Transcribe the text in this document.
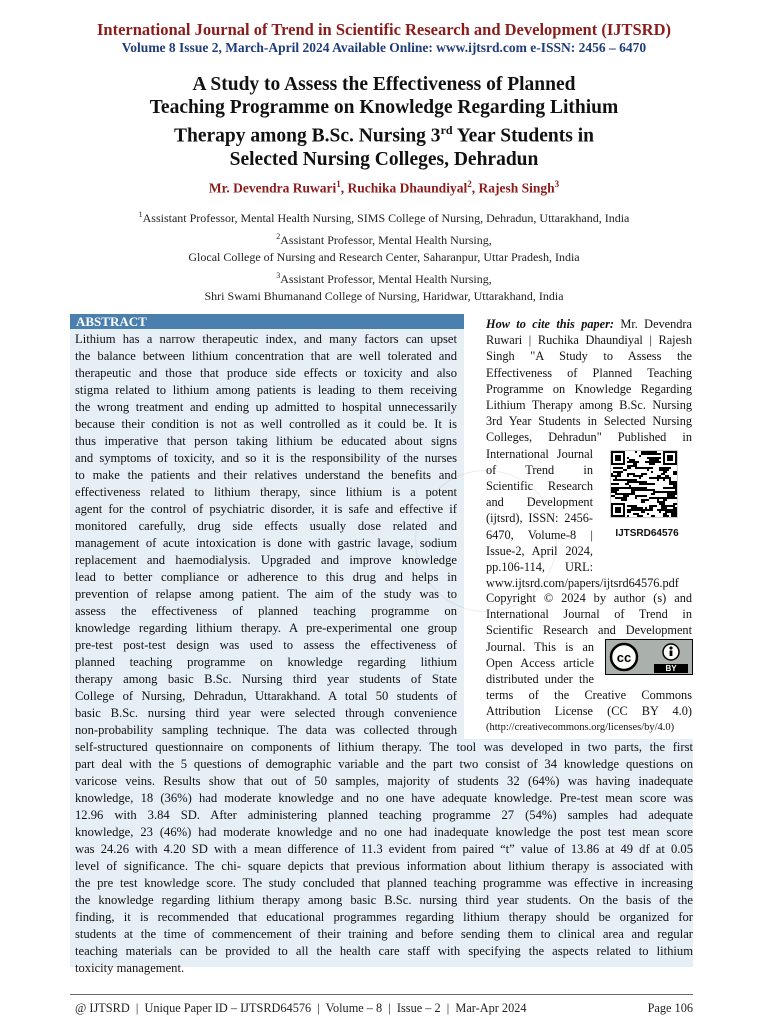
International Journal of Trend in Scientific Research and Development (IJTSRD)
Volume 8 Issue 2, March-April 2024 Available Online: www.ijtsrd.com e-ISSN: 2456 – 6470
A Study to Assess the Effectiveness of Planned
Teaching Programme on Knowledge Regarding Lithium
Therapy among B.Sc. Nursing 3rd Year Students in
Selected Nursing Colleges, Dehradun
Mr. Devendra Ruwari$^1$, Ruchika Dhaundiyal$^2$, Rajesh Singh$^3$
$^1$Assistant Professor, Mental Health Nursing, SIMS College of Nursing, Dehradun, Uttarakhand, India
$^2$Assistant Professor, Mental Health Nursing,
Glocal College of Nursing and Research Center, Saharanpur, Uttar Pradesh, India
$^3$Assistant Professor, Mental Health Nursing,
Shri Swami Bhumanand College of Nursing, Haridwar, Uttarakhand, India
ABSTRACT
Lithium has a narrow therapeutic index, and many factors can upset
the balance between lithium concentration that are well tolerated and
therapeutic and those that produce side effects or toxicity and also
stigma related to lithium among patients is leading to them receiving
the wrong treatment and ending up admitted to hospital unnecessarily
because their condition is not as well controlled as it could be. It is
thus imperative that person taking lithium be educated about signs
and symptoms of toxicity, and so it is the responsibility of the nurses
to make the patients and their relatives understand the benefits and
effectiveness related to lithium therapy, since lithium is a potent
agent for the control of psychiatric disorder, it is safe and effective if
monitored carefully, drug side effects usually dose related and
management of acute intoxication is done with gastric lavage, sodium
replacement and haemodialysis. Upgraded and improve knowledge
lead to better compliance or adherence to this drug and helps in
prevention of relapse among patient. The aim of the study was to
assess the effectiveness of planned teaching programme on
knowledge regarding lithium therapy. A pre-experimental one group
pre-test post-test design was used to assess the effectiveness of
planned teaching programme on knowledge regarding lithium
therapy among basic B.Sc. Nursing third year students of State
College of Nursing, Dehradun, Uttarakhand. A total 50 students of
basic B.Sc. nursing third year were selected through convenience
non-probability sampling technique. The data was collected through
self-structured questionnaire on components of lithium therapy. The tool was developed in two parts, the first
part deal with the 5 questions of demographic variable and the part two consist of 34 knowledge questions on
varicose veins. Results show that out of 50 samples, majority of students 32 (64%) was having inadequate
knowledge, 18 (36%) had moderate knowledge and no one have adequate knowledge. Pre-test mean score was
12.96 with 3.84 SD. After administering planned teaching programme 27 (54%) samples had adequate
knowledge, 23 (46%) had moderate knowledge and no one had inadequate knowledge the post test mean score
was 24.26 with 4.20 SD with a mean difference of 11.3 evident from paired “t” value of 13.86 at 49 df at 0.05
level of significance. The chi- square depicts that previous information about lithium therapy is associated with
the pre test knowledge score. The study concluded that planned teaching programme was effective in increasing
the knowledge regarding lithium therapy among basic B.Sc. nursing third year students. On the basis of the
finding, it is recommended that educational programmes regarding lithium therapy should be organized for
students at the time of commencement of their training and before sending them to clinical area and regular
teaching materials can be provided to all the health care staff with specifying the aspects related to lithium
toxicity management.
How to cite this paper: Mr. Devendra
Ruwari | Ruchika Dhaundiyal | Rajesh
Singh "A Study to Assess the
Effectiveness of Planned Teaching
Programme on Knowledge Regarding
Lithium Therapy among B.Sc. Nursing
3rd Year Students in Selected Nursing
Colleges, Dehradun" Published in
International Journal
of Trend in
Scientific Research
and Development
(ijtsrd), ISSN: 2456-
6470, Volume-8 |
Issue-2, April 2024,
pp.106-114, URL:
www.ijtsrd.com/papers/ijtsrd64576.pdf
IJTSRD64576
Copyright © 2024 by author (s) and
International Journal of Trend in
Scientific Research and Development
Journal. This is an
Open Access article
distributed under the
terms of the Creative Commons
Attribution License (CC BY 4.0)
(http://creativecommons.org/licenses/by/4.0)
cc
BY
@ IJTSRD  |  Unique Paper ID – IJTSRD64576  |  Volume – 8  |  Issue – 2  |  Mar-Apr 2024	Page 106
